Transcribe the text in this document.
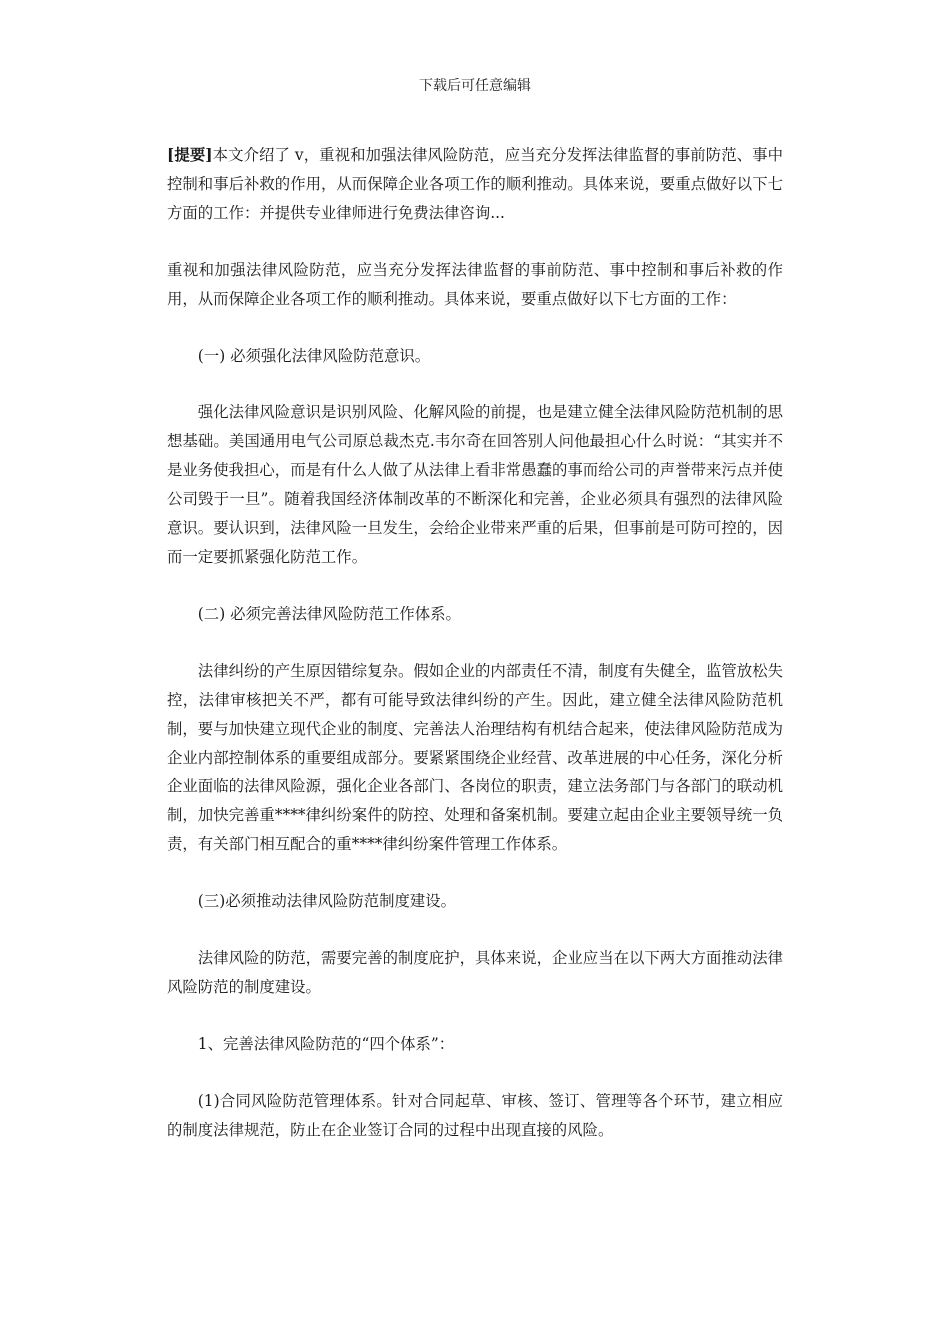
下载后可任意编辑

[提要]本文介绍了 v，重视和加强法律风险防范，应当充分发挥法律监督的事前防范、事中控制和事后补救的作用，从而保障企业各项工作的顺利推动。具体来说，要重点做好以下七方面的工作：并提供专业律师进行免费法律咨询...

重视和加强法律风险防范，应当充分发挥法律监督的事前防范、事中控制和事后补救的作用，从而保障企业各项工作的顺利推动。具体来说，要重点做好以下七方面的工作：

(一) 必须强化法律风险防范意识。

强化法律风险意识是识别风险、化解风险的前提，也是建立健全法律风险防范机制的思想基础。美国通用电气公司原总裁杰克.韦尔奇在回答别人问他最担心什么时说：“其实并不是业务使我担心，而是有什么人做了从法律上看非常愚蠢的事而给公司的声誉带来污点并使公司毁于一旦”。随着我国经济体制改革的不断深化和完善，企业必须具有强烈的法律风险意识。要认识到，法律风险一旦发生，会给企业带来严重的后果，但事前是可防可控的，因而一定要抓紧强化防范工作。

(二) 必须完善法律风险防范工作体系。

法律纠纷的产生原因错综复杂。假如企业的内部责任不清，制度有失健全，监管放松失控，法律审核把关不严，都有可能导致法律纠纷的产生。因此，建立健全法律风险防范机制，要与加快建立现代企业的制度、完善法人治理结构有机结合起来，使法律风险防范成为企业内部控制体系的重要组成部分。要紧紧围绕企业经营、改革进展的中心任务，深化分析企业面临的法律风险源，强化企业各部门、各岗位的职责，建立法务部门与各部门的联动机制，加快完善重****律纠纷案件的防控、处理和备案机制。要建立起由企业主要领导统一负责，有关部门相互配合的重****律纠纷案件管理工作体系。

(三)必须推动法律风险防范制度建设。

法律风险的防范，需要完善的制度庇护，具体来说，企业应当在以下两大方面推动法律风险防范的制度建设。

1、完善法律风险防范的“四个体系”：

(1)合同风险防范管理体系。针对合同起草、审核、签订、管理等各个环节，建立相应的制度法律规范，防止在企业签订合同的过程中出现直接的风险。
